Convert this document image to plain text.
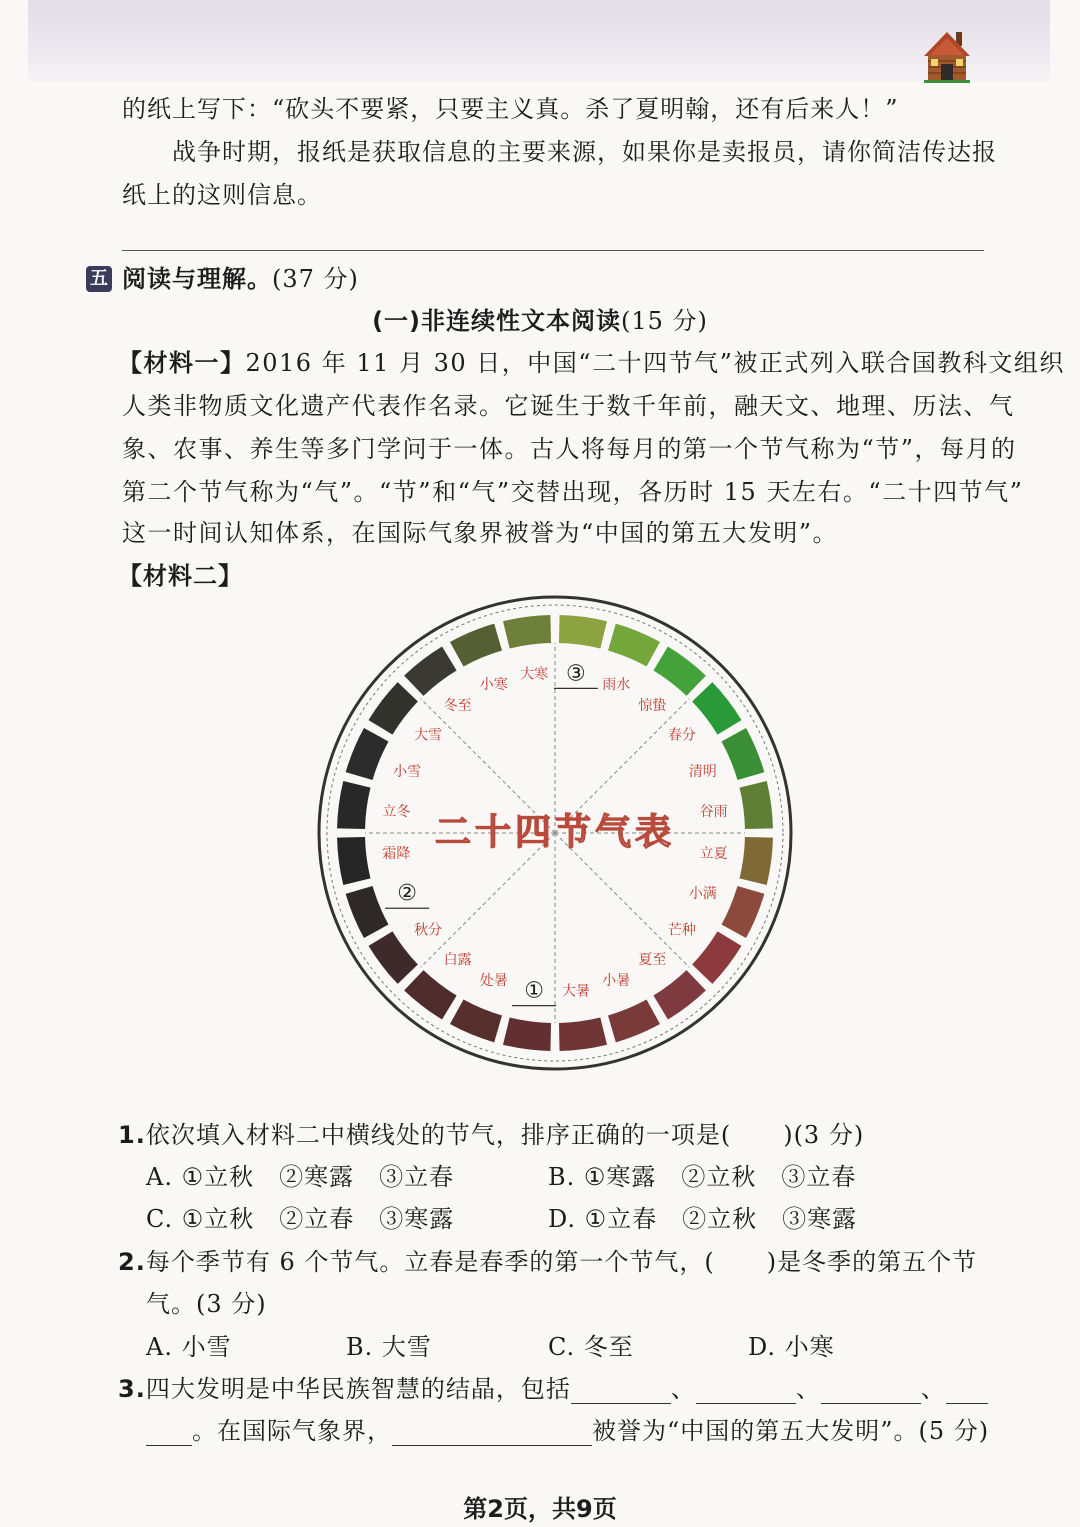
的纸上写下：“砍头不要紧，只要主义真。杀了夏明翰，还有后来人！”
战争时期，报纸是获取信息的主要来源，如果你是卖报员，请你简洁传达报
纸上的这则信息。
五 阅读与理解。(37 分)
(一)非连续性文本阅读(15 分)
【材料一】2016 年 11 月 30 日，中国“二十四节气”被正式列入联合国教科文组织
人类非物质文化遗产代表作名录。它诞生于数千年前，融天文、地理、历法、气
象、农事、养生等多门学问于一体。古人将每月的第一个节气称为“节”，每月的
第二个节气称为“气”。“节”和“气”交替出现，各历时 15 天左右。“二十四节气”
这一时间认知体系，在国际气象界被誉为“中国的第五大发明”。
【材料二】
③ 雨水
惊蛰
春分
清明
谷雨
立夏
小满
芒种
夏至
小暑
大暑
①
处暑
白露
秋分
②
霜降
立冬
小雪
大雪
冬至
小寒
大寒
二十四节气表
1.依次填入材料二中横线处的节气，排序正确的一项是( )(3 分)
A. ①立秋　②寒露　③立春	B. ①寒露　②立秋　③立春
C. ①立秋　②立春　③寒露	D. ①立春　②立秋　③寒露
2.每个季节有 6 个节气。立春是春季的第一个节气，( )是冬季的第五个节
气。(3 分)
A. 小雪	B. 大雪	C. 冬至	D. 小寒
3.四大发明是中华民族智慧的结晶，包括	、	、	、
。在国际气象界，	被誉为“中国的第五大发明”。(5 分)
第2页，共9页
